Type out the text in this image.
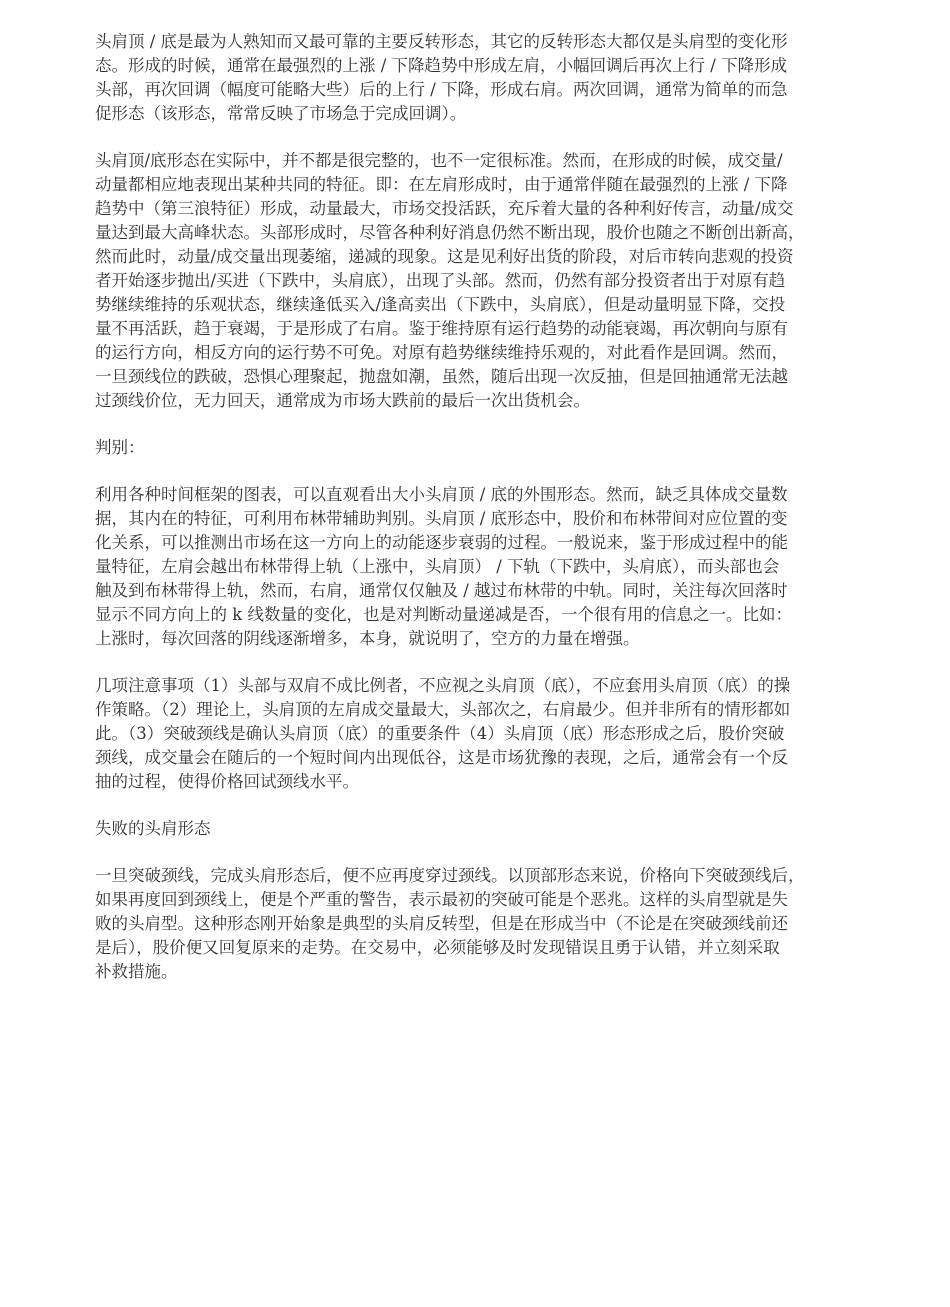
头肩顶 / 底是最为人熟知而又最可靠的主要反转形态，其它的反转形态大都仅是头肩型的变化形
态。形成的时候，通常在最强烈的上涨 / 下降趋势中形成左肩，小幅回调后再次上行 / 下降形成
头部，再次回调（幅度可能略大些）后的上行 / 下降，形成右肩。两次回调，通常为简单的而急
促形态（该形态，常常反映了市场急于完成回调）。

头肩顶/底形态在实际中，并不都是很完整的，也不一定很标准。然而，在形成的时候，成交量/
动量都相应地表现出某种共同的特征。即：在左肩形成时，由于通常伴随在最强烈的上涨 / 下降
趋势中（第三浪特征）形成，动量最大，市场交投活跃，充斥着大量的各种利好传言，动量/成交
量达到最大高峰状态。头部形成时，尽管各种利好消息仍然不断出现，股价也随之不断创出新高，
然而此时，动量/成交量出现萎缩，递减的现象。这是见利好出货的阶段，对后市转向悲观的投资
者开始逐步抛出/买进（下跌中，头肩底），出现了头部。然而，仍然有部分投资者出于对原有趋
势继续维持的乐观状态，继续逢低买入/逢高卖出（下跌中，头肩底），但是动量明显下降，交投
量不再活跃，趋于衰竭，于是形成了右肩。鉴于维持原有运行趋势的动能衰竭，再次朝向与原有
的运行方向，相反方向的运行势不可免。对原有趋势继续维持乐观的，对此看作是回调。然而，
一旦颈线位的跌破，恐惧心理聚起，抛盘如潮，虽然，随后出现一次反抽，但是回抽通常无法越
过颈线价位，无力回天，通常成为市场大跌前的最后一次出货机会。

判别：

利用各种时间框架的图表，可以直观看出大小头肩顶 / 底的外围形态。然而，缺乏具体成交量数
据，其内在的特征，可利用布林带辅助判别。头肩顶 / 底形态中，股价和布林带间对应位置的变
化关系，可以推测出市场在这一方向上的动能逐步衰弱的过程。一般说来，鉴于形成过程中的能
量特征，左肩会越出布林带得上轨（上涨中，头肩顶） / 下轨（下跌中，头肩底），而头部也会
触及到布林带得上轨，然而，右肩，通常仅仅触及 / 越过布林带的中轨。同时，关注每次回落时
显示不同方向上的 k 线数量的变化，也是对判断动量递减是否，一个很有用的信息之一。比如：
上涨时，每次回落的阴线逐渐增多，本身，就说明了，空方的力量在增强。

几项注意事项（1）头部与双肩不成比例者，不应视之头肩顶（底），不应套用头肩顶（底）的操
作策略。（2）理论上，头肩顶的左肩成交量最大，头部次之，右肩最少。但并非所有的情形都如
此。（3）突破颈线是确认头肩顶（底）的重要条件（4）头肩顶（底）形态形成之后，股价突破
颈线，成交量会在随后的一个短时间内出现低谷，这是市场犹豫的表现，之后，通常会有一个反
抽的过程，使得价格回试颈线水平。

失败的头肩形态

一旦突破颈线，完成头肩形态后，便不应再度穿过颈线。以顶部形态来说，价格向下突破颈线后，
如果再度回到颈线上，便是个严重的警告，表示最初的突破可能是个恶兆。这样的头肩型就是失
败的头肩型。这种形态刚开始象是典型的头肩反转型，但是在形成当中（不论是在突破颈线前还
是后），股价便又回复原来的走势。在交易中，必须能够及时发现错误且勇于认错，并立刻采取
补救措施。
